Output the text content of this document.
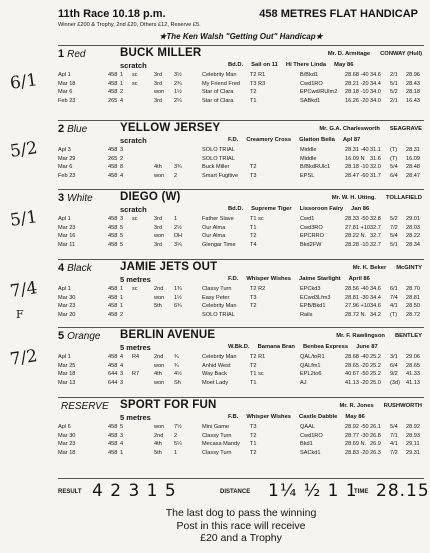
11th Race 10.18 p.m.	458 METRES FLAT HANDICAP
Winner £200 & Trophy, 2nd £20, Others £12, Reserve £5.
★The Ken Walsh "Getting Out" Handicap★
1 Red	BUCK MILLER
scratch
Mr. D. Armitage CONWAY (Hull)
Bd.D. Sail on 11 Hi There Linda May 86
Apl 1	458 1 sc	3rd 3½	Celebrity Man T2 R1	B/Bkd1	28.68 -40 34.6 2/1 28.96
Mar 18	458 1 sc	3rd 2¾	My Friend Fred T3 R3	Cwd1RO	28.21 -20 34.4 5/1 28.43
Mar 6	458 2	won 1½	Star of Clara	T2	EPCwd/RUlm2 28.18 -10 34.0 5/2 28.18
Feb 23	265 4	3rd 2¼	Star of Clara	T1	SABkd1	16.26 -20 34.0 2/1 16.43
2 Blue	YELLOW JERSEY
scratch
Mr. G.A. Charlesworth SEAGRAVE
F.D. Creamery Cross Glatton Bella Apl 87
Apl 3	458 3	SOLO TRIAL	Middle	28.31 -40 31.1 (T) 28.31
Mar 29	265 2	SOLO TRIAL	Middle	16.09 N 31.6 (T) 16.09
Mar 6	458 8	4th 3¾	Buck Miller	T2	B/BkdRUlc1	28.18 -10 32.0 5/4 28.48
Feb 23	458 4	won 2	Smart Fugitive T3	EPSL	28.47 -60 31.7 6/4 28.47
3 White DIEGO (W)
scratch
Mr. W. H. Utting. TOLLAFIELD
Bd.D. Supreme Tiger Lissoroon Fairy Jan 86
Apl 1	458 3 sc	3rd 1	Father Slave	T1 sc	Cwd1	28.33 -50 32.8 5/2 29.01
Mar 23	458 5	3rd 2½	Our Alma	T1	Cwd3RO	27.81 +10 32.7 7/2 28.03
Mar 16	458 5	won DH	Our Alma	T2	EPCRRO	28.22 N. 32.7 5/4 28.22
Mar 11	458 5	3rd 3¼	Glengar Time	T4	Bkd2FW	28.28 -10 32.7 5/1 28.34
4 Black JAMIE JETS OUT
5 metres
Mr. K. Beker McGINTY
F.D. Whisper Wishes Jaime Starlight April 86
Apl 1	458 1 sc	2nd 1¾	Classy Turn	T2 R2	EPCkd3	28.56 -40 34.6 6/1 28.70
Mar 30	458 1	won 1½	Easy Peter	T3	ECwd3Lfm3	28.81 -30 34.4 7/4 28.81
Mar 23	458 1	5th 6¾	Celebrity Man T2	EPB/Bkd1	27.96 +10 34.6 4/1 28.50
Mar 20	458 2	SOLO TRIAL	Rails	28.72 N. 34.2 (T) 28.72
5 Orange BERLIN AVENUE
5 metres
Mr. F. Rawlingson BENTLEY
W.Bk.D. Bamana Bran Benbea Express June 87
Apl 1	458 4 R4	2nd ¾	Celebrity Man T2 R1	QAL/toR1	28.68 -40 25.2 3/1 29.06
Mar 25	458 4	won ¾	Anhid West	T2	QALfm1	28.65 -20 25.2 6/4 28.65
Mar 18	644 3 R7	4th 4½	Way Back	T1 sc	EPL2to6	40.67 -50 25.2 9/2 41.33
Mar 13	644 3	won Sh	Moet Lady	T1	AJ	41.13 -20 25.0 (3d) 41.13
RESERVE SPORT FOR FUN
5 metres
Mr. R. Jones RUSHWORTH
F.B. Whisper Wishes Castle Dabble May 86
Apl 6	458 5	won 7½	Mini Game	T3	QAAL	28.92 -50 26.1 5/4 28.92
Mar 30	458 3	2nd 2	Classy Turn	T2	Cwd1RO	28.77 -30 26.8 7/1 28.93
Mar 23	458 4	4th 5¼	Mecasa Mandy T1	Bkd1	28.69 N. 26.9 4/1 29.11
Mar 18	458 1	5th 1	Classy Turn	T2	SACkd1	28.83 -20 26.3 7/2 29.31
RESULT 4 2 3 1 5	DISTANCE 1¼ ½ 1 1
TIME 28.15
The last dog to pass the winning
Post in this race will receive
£20 and a Trophy
6/1
5/2
5/1
7/4
F
7/2
